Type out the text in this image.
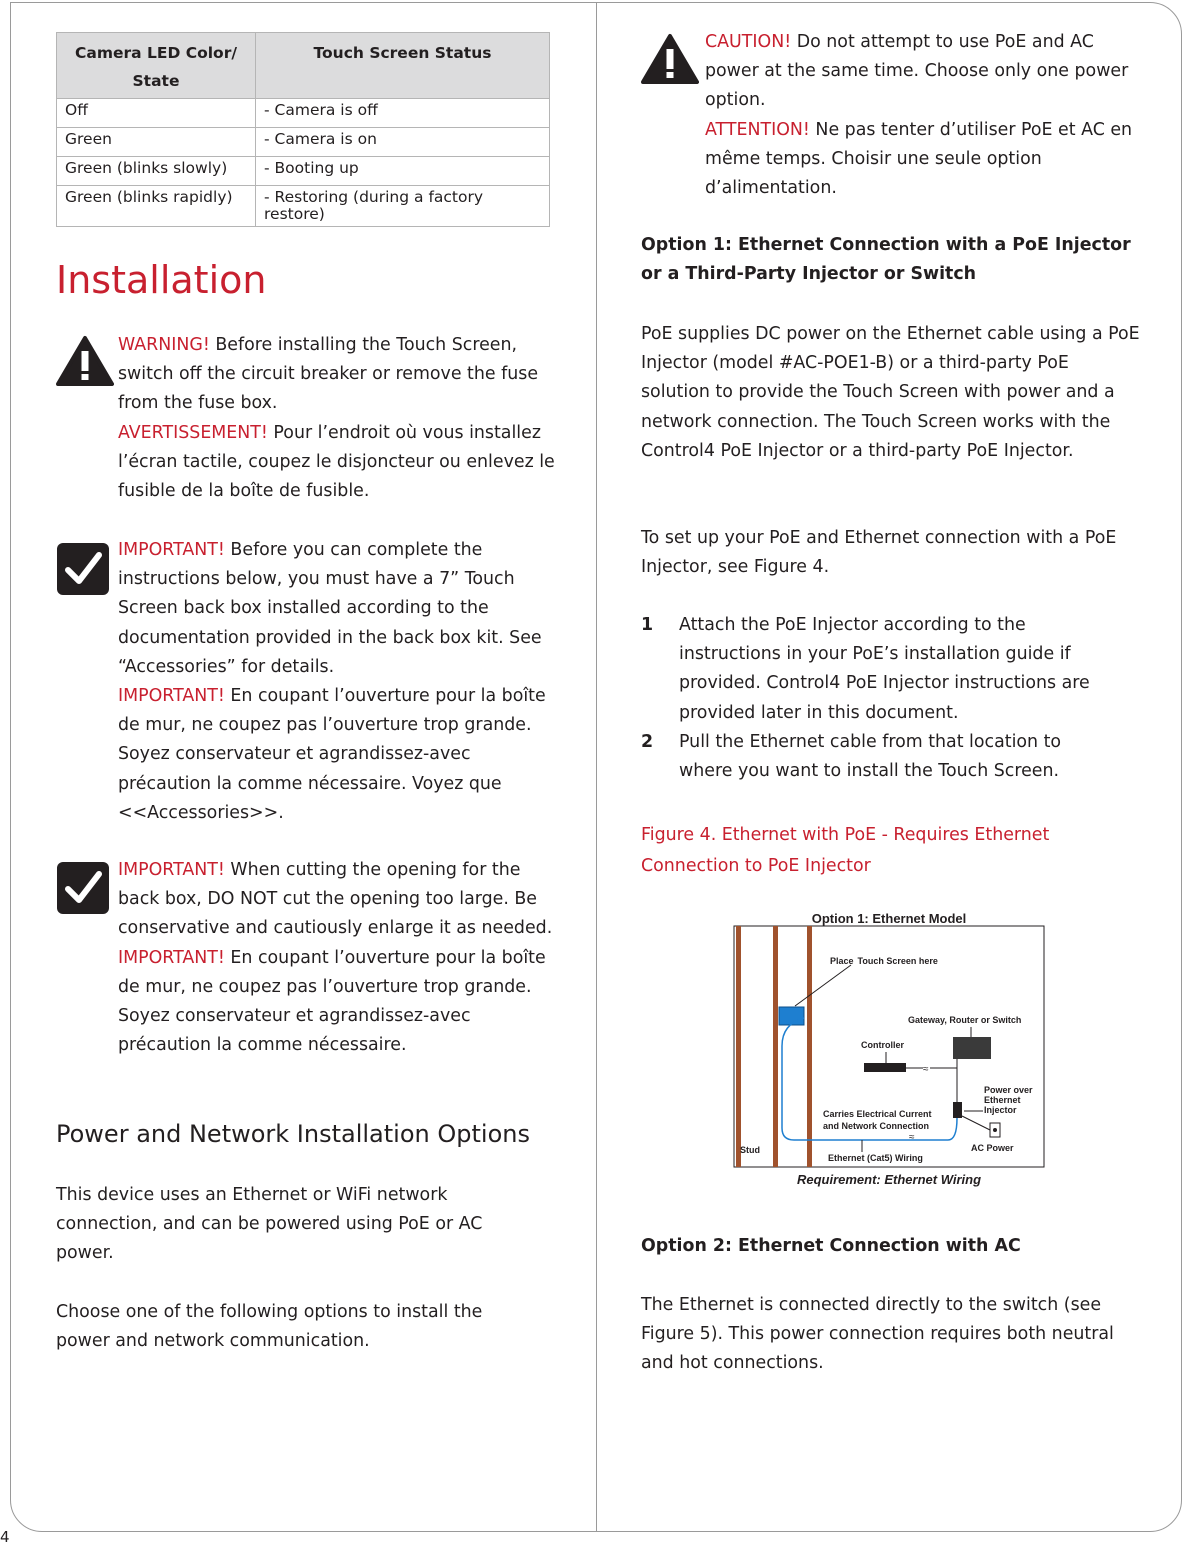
4
Camera LED Color/ State	Touch Screen Status
Off	- Camera is off
Green	- Camera is on
Green (blinks slowly)	- Booting up
Green (blinks rapidly)	- Restoring (during a factory restore)
Installation
WARNING! Before installing the Touch Screen, switch off the circuit breaker or remove the fuse from the fuse box.
AVERTISSEMENT! Pour l’endroit où vous installez l’écran tactile, coupez le disjoncteur ou enlevez le fusible de la boîte de fusible.
IMPORTANT! Before you can complete the instructions below, you must have a 7” Touch Screen back box installed according to the documentation provided in the back box kit. See “Accessories” for details.
IMPORTANT! En coupant l’ouverture pour la boîte de mur, ne coupez pas l’ouverture trop grande. Soyez conservateur et agrandissez-avec précaution la comme nécessaire. Voyez que <<Accessories>>.
IMPORTANT! When cutting the opening for the back box, DO NOT cut the opening too large. Be conservative and cautiously enlarge it as needed.
IMPORTANT! En coupant l’ouverture pour la boîte de mur, ne coupez pas l’ouverture trop grande. Soyez conservateur et agrandissez-avec précaution la comme nécessaire.
Power and Network Installation Options
This device uses an Ethernet or WiFi network connection, and can be powered using PoE or AC power.
Choose one of the following options to install the power and network communication.
CAUTION! Do not attempt to use PoE and AC power at the same time. Choose only one power option.
ATTENTION! Ne pas tenter d’utiliser PoE et AC en même temps. Choisir une seule option d’alimentation.
Option 1: Ethernet Connection with a PoE Injector or a Third-Party Injector or Switch
PoE supplies DC power on the Ethernet cable using a PoE Injector (model #AC-POE1-B) or a third-party PoE solution to provide the Touch Screen with power and a network connection. The Touch Screen works with the Control4 PoE Injector or a third-party PoE Injector.
To set up your PoE and Ethernet connection with a PoE Injector, see Figure 4.
1	Attach the PoE Injector according to the instructions in your PoE’s installation guide if provided. Control4 PoE Injector instructions are provided later in this document.
2	Pull the Ethernet cable from that location to where you want to install the Touch Screen.
Figure 4. Ethernet with PoE - Requires Ethernet Connection to PoE Injector
Option 1: Ethernet Model
Place Touch Screen here
Gateway, Router or Switch
Controller
≈
Power over
Ethernet
Injector
≈
Carries Electrical Current
and Network Connection
AC Power
Stud
Ethernet (Cat5) Wiring
Requirement: Ethernet Wiring
Option 2: Ethernet Connection with AC
The Ethernet is connected directly to the switch (see Figure 5). This power connection requires both neutral and hot connections.
